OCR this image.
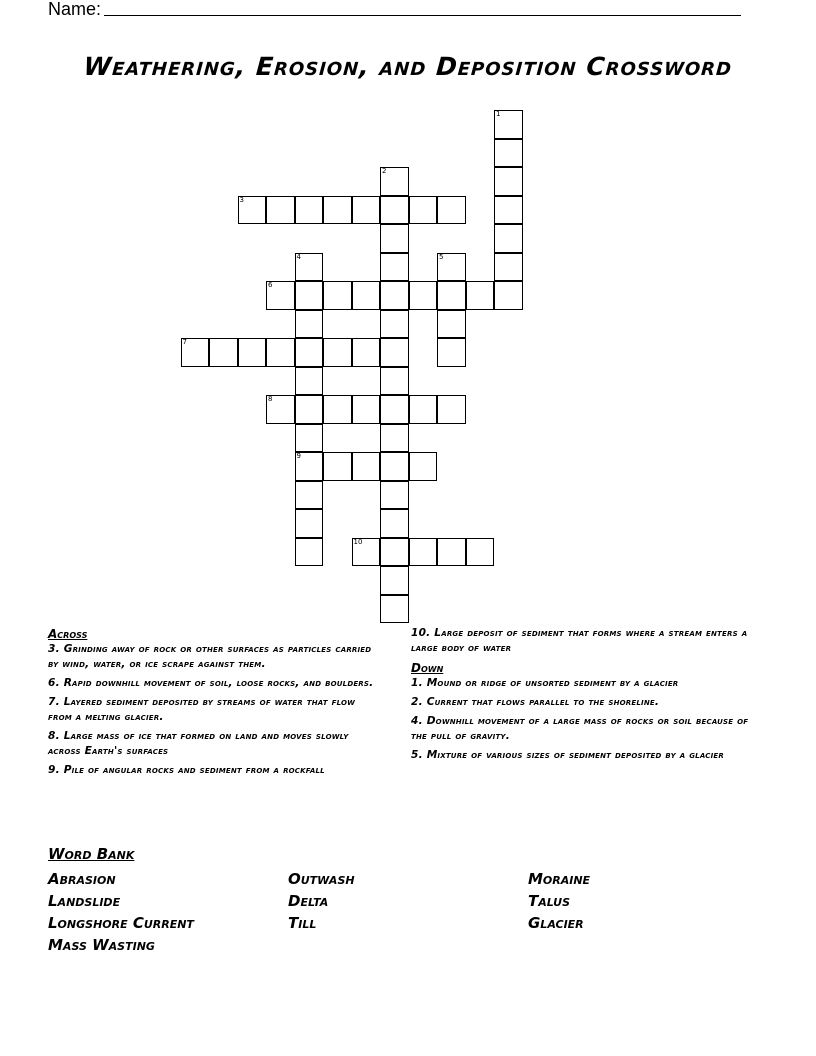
Name:
Weathering, Erosion, and Deposition Crossword
1
2
3
4
9
5
6
7
8
10
Across
3. Grinding away of rock or other surfaces as particles carried by wind, water, or ice scrape against them.
6. Rapid downhill movement of soil, loose rocks, and boulders.
7. Layered sediment deposited by streams of water that flow from a melting glacier.
8. Large mass of ice that formed on land and moves slowly across Earth's surfaces
9. Pile of angular rocks and sediment from a rockfall
10. Large deposit of sediment that forms where a stream enters a large body of water
Down
1. Mound or ridge of unsorted sediment by a glacier
2. Current that flows parallel to the shoreline.
4. Downhill movement of a large mass of rocks or soil because of the pull of gravity.
5. Mixture of various sizes of sediment deposited by a glacier
Word Bank
Abrasion
Landslide
Longshore Current
Mass Wasting
Outwash
Delta
Till
Moraine
Talus
Glacier
